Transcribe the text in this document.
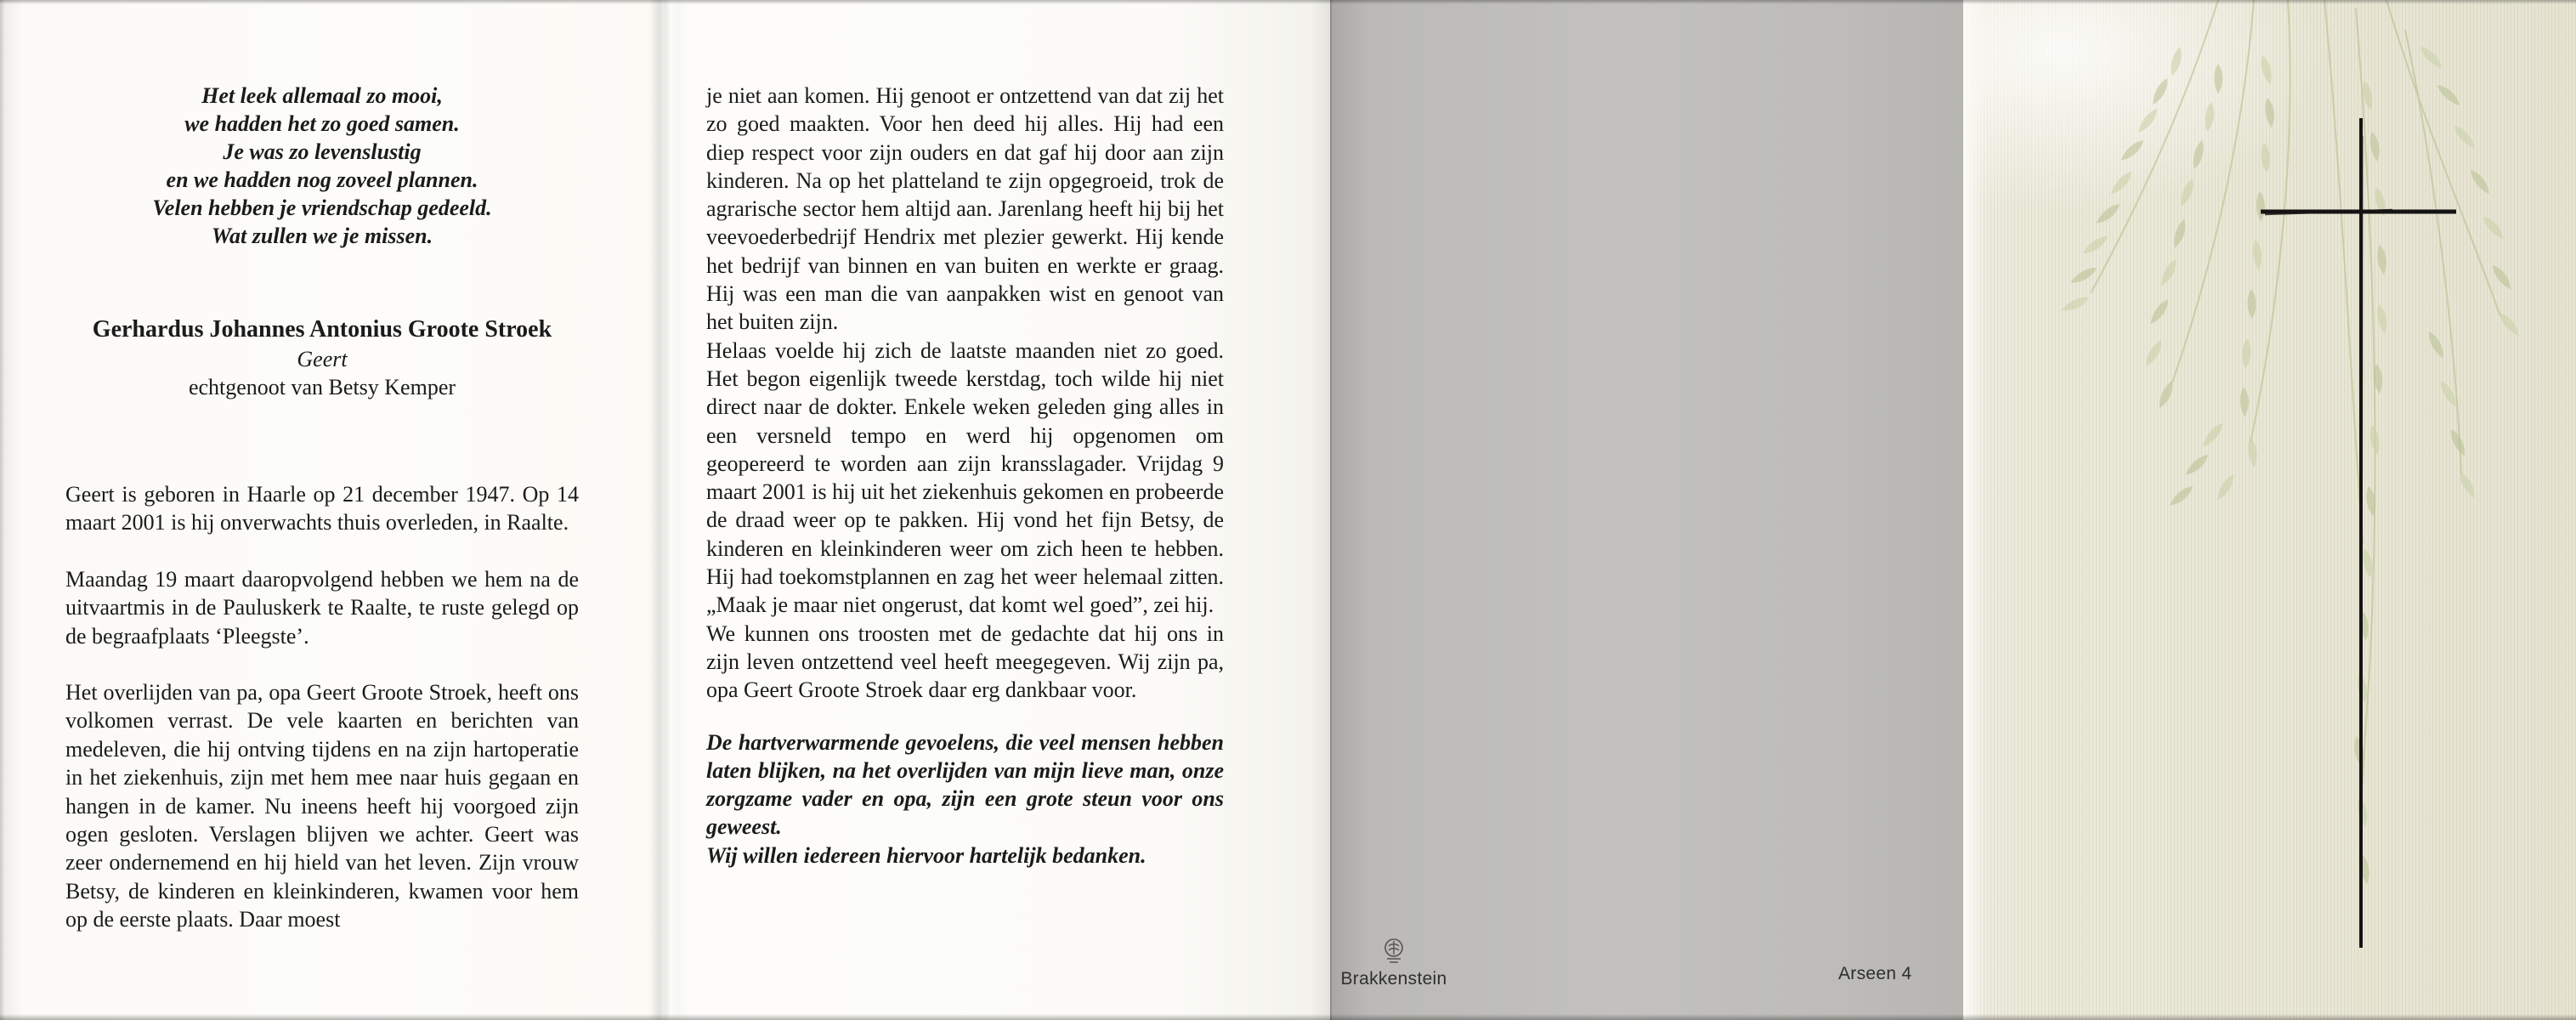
Het leek allemaal zo mooi,
we hadden het zo goed samen.
Je was zo levenslustig
en we hadden nog zoveel plannen.
Velen hebben je vriendschap gedeeld.
Wat zullen we je missen.
Gerhardus Johannes Antonius Groote Stroek
Geert
echtgenoot van Betsy Kemper

Geert is geboren in Haarle op 21 december 1947. Op 14 maart 2001 is hij onverwachts thuis overleden, in Raalte.

Maandag 19 maart daaropvolgend hebben we hem na de uitvaartmis in de Pauluskerk te Raalte, te ruste gelegd op de begraafplaats ‘Pleegste’.

Het overlijden van pa, opa Geert Groote Stroek, heeft ons volkomen verrast. De vele kaarten en berichten van medeleven, die hij ontving tijdens en na zijn hartoperatie in het ziekenhuis, zijn met hem mee naar huis gegaan en hangen in de kamer. Nu ineens heeft hij voorgoed zijn ogen gesloten. Verslagen blijven we achter. Geert was zeer ondernemend en hij hield van het leven. Zijn vrouw Betsy, de kinderen en kleinkinderen, kwamen voor hem op de eerste plaats. Daar moest

je niet aan komen. Hij genoot er ontzettend van dat zij het zo goed maakten. Voor hen deed hij alles. Hij had een diep respect voor zijn ouders en dat gaf hij door aan zijn kinderen. Na op het platteland te zijn opgegroeid, trok de agrarische sector hem altijd aan. Jarenlang heeft hij bij het veevoederbedrijf Hendrix met plezier gewerkt. Hij kende het bedrijf van binnen en van buiten en werkte er graag. Hij was een man die van aanpakken wist en genoot van het buiten zijn.

Helaas voelde hij zich de laatste maanden niet zo goed. Het begon eigenlijk tweede kerstdag, toch wilde hij niet direct naar de dokter. Enkele weken geleden ging alles in een versneld tempo en werd hij opgenomen om geopereerd te worden aan zijn kransslagader. Vrijdag 9 maart 2001 is hij uit het ziekenhuis gekomen en probeerde de draad weer op te pakken. Hij vond het fijn Betsy, de kinderen en kleinkinderen weer om zich heen te hebben. Hij had toekomstplannen en zag het weer helemaal zitten. „Maak je maar niet ongerust, dat komt wel goed”, zei hij.

We kunnen ons troosten met de gedachte dat hij ons in zijn leven ontzettend veel heeft meegegeven. Wij zijn pa, opa Geert Groote Stroek daar erg dankbaar voor.

De hartverwarmende gevoelens, die veel mensen hebben laten blijken, na het overlijden van mijn lieve man, onze zorgzame vader en opa, zijn een grote steun voor ons geweest.

Wij willen iedereen hiervoor hartelijk bedanken.

Brakkenstein	Arseen 4
